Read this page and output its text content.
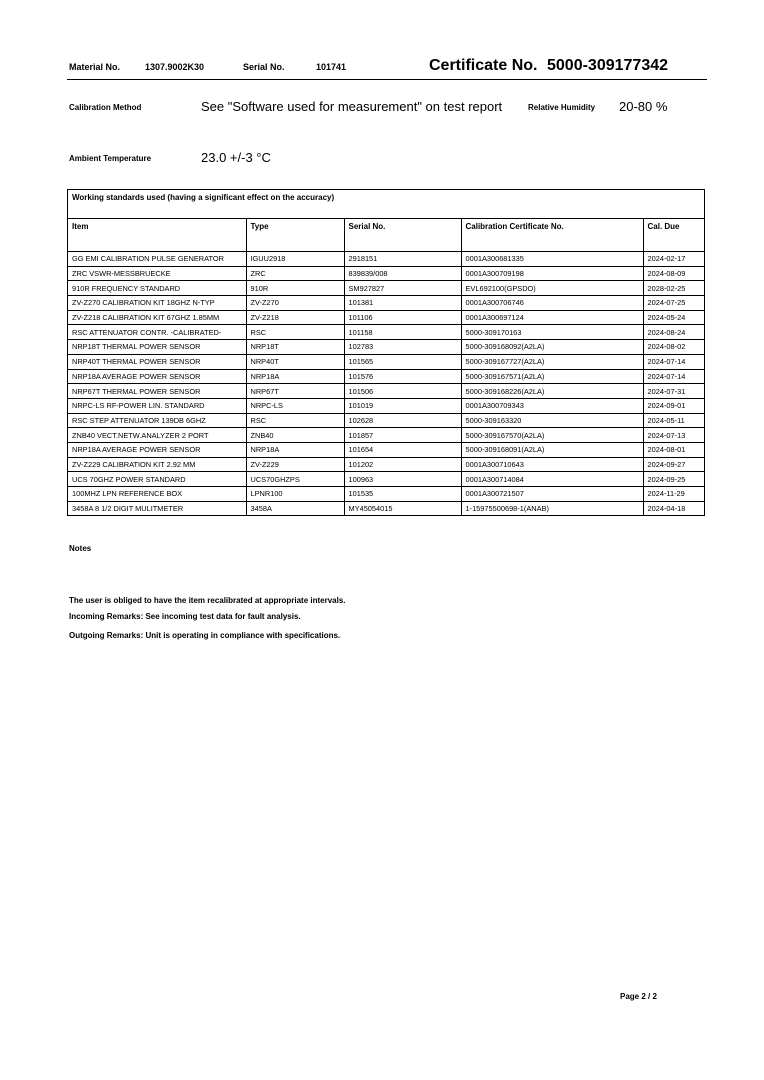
Material No.	1307.9002K30	Serial No.	101741	Certificate No. 5000-309177342
Calibration Method	See "Software used for measurement" on test report	Relative Humidity 20-80 %
Ambient Temperature	23.0 +/-3 °C
Working standards used (having a significant effect on the accuracy)
Item	Type	Serial No.	Calibration Certificate No.	Cal. Due
GG EMI CALIBRATION PULSE GENERATOR	IGUU2918	2918151	0001A300681335	2024-02-17
ZRC VSWR-MESSBRUECKE	ZRC	839839/008	0001A300709198	2024-08-09
910R FREQUENCY STANDARD	910R	SM927827	EVL692100(GPSDO)	2028-02-25
ZV-Z270 CALIBRATION KIT 18GHZ N-TYP	ZV-Z270	101381	0001A300706746	2024-07-25
ZV-Z218 CALIBRATION KIT 67GHZ 1.85MM	ZV-Z218	101106	0001A300697124	2024-05-24
RSC ATTENUATOR CONTR. -CALIBRATED-	RSC	101158	5000-309170163	2024-08-24
NRP18T THERMAL POWER SENSOR	NRP18T	102783	5000-309168092(A2LA)	2024-08-02
NRP40T THERMAL POWER SENSOR	NRP40T	101565	5000-309167727(A2LA)	2024-07-14
NRP18A AVERAGE POWER SENSOR	NRP18A	101576	5000-309167571(A2LA)	2024-07-14
NRP67T THERMAL POWER SENSOR	NRP67T	101506	5000-309168226(A2LA)	2024-07-31
NRPC-LS RF-POWER LIN. STANDARD	NRPC-LS	101019	0001A300709343	2024-09-01
RSC STEP ATTENUATOR 139DB 6GHZ	RSC	102628	5000-309163320	2024-05-11
ZNB40 VECT.NETW.ANALYZER 2 PORT	ZNB40	101857	5000-309167570(A2LA)	2024-07-13
NRP18A AVERAGE POWER SENSOR	NRP18A	101654	5000-309168091(A2LA)	2024-08-01
ZV-Z229 CALIBRATION KIT 2.92 MM	ZV-Z229	101202	0001A300710643	2024-09-27
UCS 70GHZ POWER STANDARD	UCS70GHZPS	100963	0001A300714084	2024-09-25
100MHZ LPN REFERENCE BOX	LPNR100	101535	0001A300721507	2024-11-29
3458A 8 1/2 DIGIT MULITMETER	3458A	MY45054015	1-15975500698-1(ANAB)	2024-04-18
Notes
The user is obliged to have the item recalibrated at appropriate intervals.
Incoming Remarks: See incoming test data for fault analysis.
Outgoing Remarks: Unit is operating in compliance with specifications.
Page 2 / 2
